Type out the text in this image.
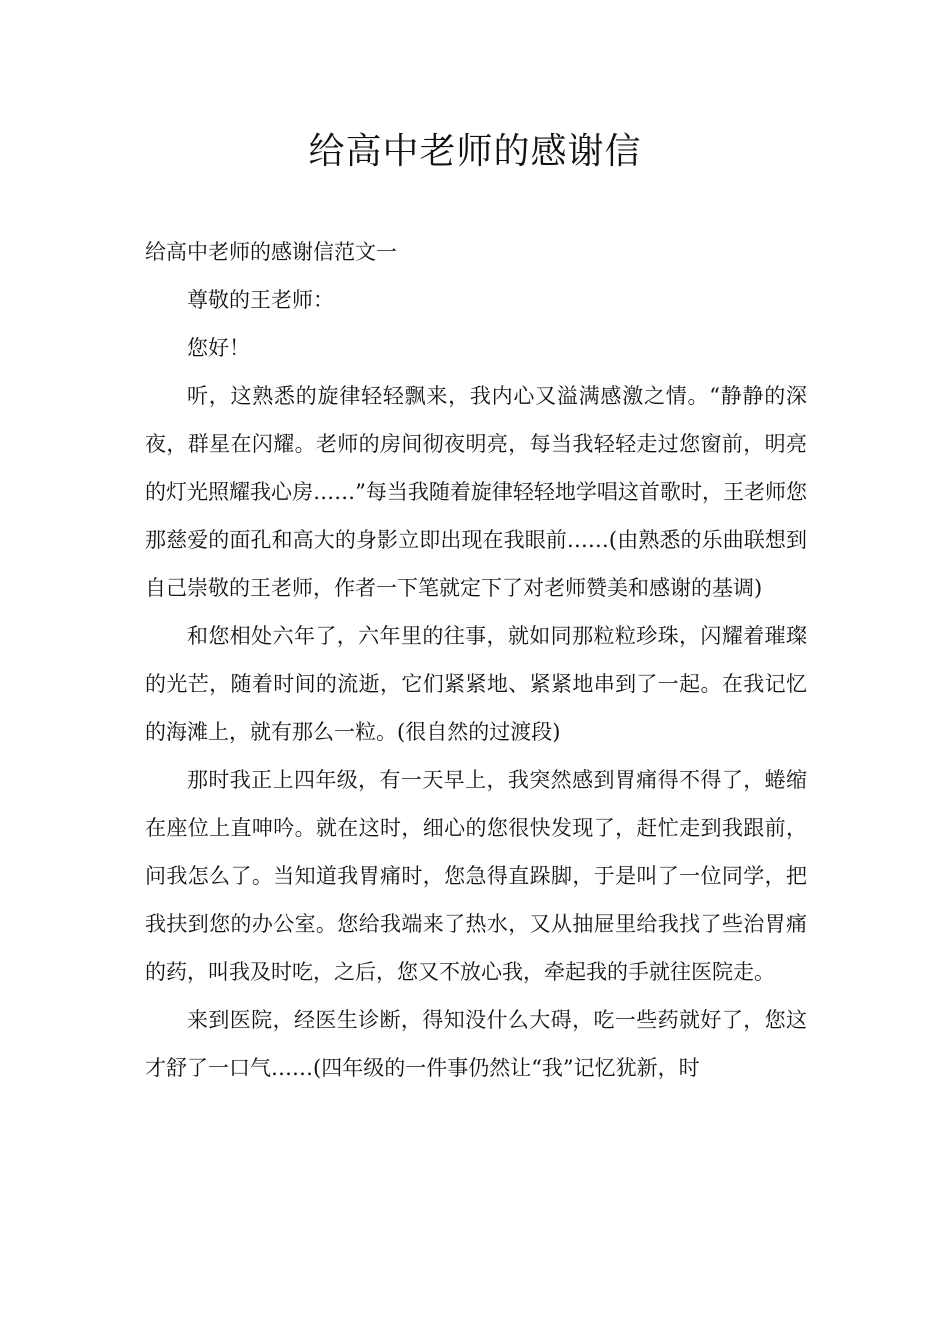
给高中老师的感谢信

给高中老师的感谢信范文一

尊敬的王老师：

您好！

听，这熟悉的旋律轻轻飘来，我内心又溢满感激之情。“静静的深夜，群星在闪耀。老师的房间彻夜明亮，每当我轻轻走过您窗前，明亮的灯光照耀我心房……”每当我随着旋律轻轻地学唱这首歌时，王老师您那慈爱的面孔和高大的身影立即出现在我眼前……(由熟悉的乐曲联想到自己崇敬的王老师，作者一下笔就定下了对老师赞美和感谢的基调)

和您相处六年了，六年里的往事，就如同那粒粒珍珠，闪耀着璀璨的光芒，随着时间的流逝，它们紧紧地、紧紧地串到了一起。在我记忆的海滩上，就有那么一粒。(很自然的过渡段)

那时我正上四年级，有一天早上，我突然感到胃痛得不得了，蜷缩在座位上直呻吟。就在这时，细心的您很快发现了，赶忙走到我跟前，问我怎么了。当知道我胃痛时，您急得直跺脚，于是叫了一位同学，把我扶到您的办公室。您给我端来了热水，又从抽屉里给我找了些治胃痛的药，叫我及时吃，之后，您又不放心我，牵起我的手就往医院走。

来到医院，经医生诊断，得知没什么大碍，吃一些药就好了，您这才舒了一口气……(四年级的一件事仍然让“我”记忆犹新，时
